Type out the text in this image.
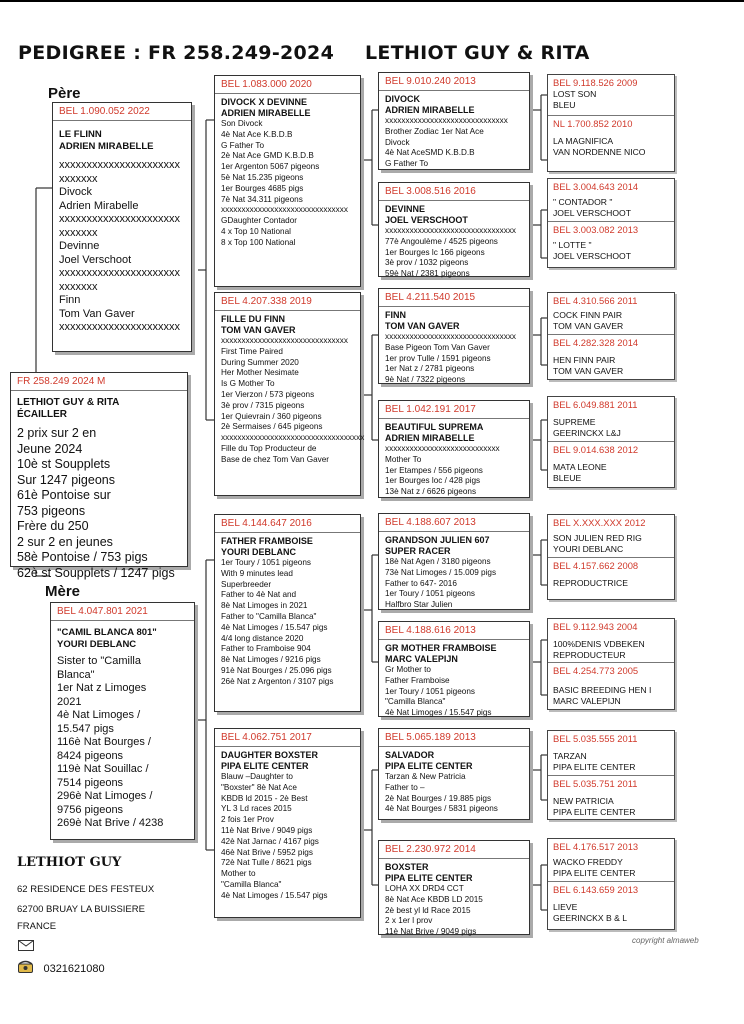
PEDIGREE : FR 258.249-2024 LETHIOT GUY & RITA
Père
Mère
FR 258.249 2024 M
LETHIOT GUY & RITA
ÉCAILLER
2 prix sur 2 en
Jeune 2024
10è st Soupplets
Sur 1247 pigeons
61è Pontoise sur
753 pigeons
Frère du 250
2 sur 2 en jeunes
58è Pontoise / 753 pigs
62è st Soupplets / 1247 pigs
BEL 1.090.052 2022
LE FLINN
ADRIEN MIRABELLE
xxxxxxxxxxxxxxxxxxxxxx
xxxxxxx
Divock
Adrien Mirabelle
xxxxxxxxxxxxxxxxxxxxxx
xxxxxxx
Devinne
Joel Verschoot
xxxxxxxxxxxxxxxxxxxxxx
xxxxxxx
Finn
Tom Van Gaver
xxxxxxxxxxxxxxxxxxxxxx
BEL 4.047.801 2021
"CAMIL BLANCA 801"
YOURI DEBLANC
Sister to "Camilla
Blanca"
1er Nat z Limoges
2021
4è Nat Limoges /
15.547 pigs
116è Nat Bourges /
8424 pigeons
119è Nat Souillac /
7514 pigeons
296è Nat Limoges /
9756 pigeons
269è Nat Brive / 4238
BEL 1.083.000 2020
DIVOCK X DEVINNE
ADRIEN MIRABELLE
Son Divock
4è Nat Ace K.B.D.B
G Father To
2è Nat Ace GMD K.B.D.B
1er Argenton 5067 pigeons
5è Nat 15.235 pigeons
1er Bourges 4685 pigs
7è Nat 34.311 pigeons
xxxxxxxxxxxxxxxxxxxxxxxxxxxxxxx
GDaughter Contador
4 x Top 10 National
8 x Top 100 National
BEL 4.207.338 2019
FILLE DU FINN
TOM VAN GAVER
xxxxxxxxxxxxxxxxxxxxxxxxxxxxxxx
First Time Paired
During Summer 2020
Her Mother Nesimate
Is G Mother To
1er Vierzon / 573 pigeons
3è prov / 7315 pigeons
1er Quievrain / 360 pigeons
2è Sermaises / 645 pigeons
xxxxxxxxxxxxxxxxxxxxxxxxxxxxxxxxxxx
Fille du Top Producteur de
Base de chez Tom Van Gaver
BEL 4.144.647 2016
FATHER FRAMBOISE
YOURI DEBLANC
1er Toury / 1051 pigeons
With 9 minutes lead
Superbreeder
Father to 4è Nat and
8è Nat Limoges in 2021
Father to "Camilla Blanca"
4è Nat Limoges / 15.547 pigs
4/4 long distance 2020
Father to Framboise 904
8è Nat Limoges / 9216 pigs
91è Nat Bourges / 25.096 pigs
26è Nat z Argenton / 3107 pigs
BEL 4.062.751 2017
DAUGHTER BOXSTER
PIPA ELITE CENTER
Blauw –Daughter to
"Boxster" 8è Nat Ace
KBDB ld 2015 - 2è Best
YL 3 Ld races 2015
2 fois 1er Prov
11è Nat Brive / 9049 pigs
42è Nat Jarnac / 4167 pigs
46è Nat Brive / 5952 pigs
72è Nat Tulle / 8621 pigs
Mother to
"Camilla Blanca"
4è Nat Limoges / 15.547 pigs
BEL 9.010.240 2013
DIVOCK
ADRIEN MIRABELLE
xxxxxxxxxxxxxxxxxxxxxxxxxxxxxx
Brother Zodiac 1er Nat Ace
Divock
4è Nat AceSMD K.B.D.B
G Father To
BEL 3.008.516 2016
DEVINNE
JOEL VERSCHOOT
xxxxxxxxxxxxxxxxxxxxxxxxxxxxxxxx
77è Angoulème / 4525 pigeons
1er Bourges lc 166 pigeons
3è prov / 1032 pigeons
59è Nat / 2381 pigeons
BEL 4.211.540 2015
FINN
TOM VAN GAVER
xxxxxxxxxxxxxxxxxxxxxxxxxxxxxxxx
Base Pigeon Tom Van Gaver
1er prov Tulle / 1591 pigeons
1er Nat z / 2781 pigeons
9è Nat / 7322 pigeons
BEL 1.042.191 2017
BEAUTIFUL SUPREMA
ADRIEN MIRABELLE
xxxxxxxxxxxxxxxxxxxxxxxxxxxx
Mother To
1er Etampes / 556 pigeons
1er Bourges loc / 428 pigs
13è Nat z / 6626 pigeons
BEL 4.188.607 2013
GRANDSON JULIEN 607
SUPER RACER
18è Nat Agen / 3180 pigeons
73è Nat Limoges / 15.009 pigs
Father to 647- 2016
1er Toury / 1051 pigeons
Halfbro Star Julien
BEL 4.188.616 2013
GR MOTHER FRAMBOISE
MARC VALEPIJN
Gr Mother to
Father Framboise
1er Toury / 1051 pigeons
"Camilla Blanca"
4è Nat Limoges / 15.547 pigs
BEL 5.065.189 2013
SALVADOR
PIPA ELITE CENTER
Tarzan & New Patricia
Father to –
2è Nat Bourges / 19.885 pigs
4è Nat Bourges / 5831 pigeons
BEL 2.230.972 2014
BOXSTER
PIPA ELITE CENTER
LOHA XX DRD4 CCT
8è Nat Ace KBDB LD 2015
2è best yl ld Race 2015
2 x 1er l prov
11è Nat Brive / 9049 pigs
BEL 9.118.526 2009
LOST SON
BLEU
NL 1.700.852 2010
LA MAGNIFICA
VAN NORDENNE NICO
BEL 3.004.643 2014
" CONTADOR "
JOEL VERSCHOOT
BEL 3.003.082 2013
" LOTTE "
JOEL VERSCHOOT
BEL 4.310.566 2011
COCK FINN PAIR
TOM VAN GAVER
BEL 4.282.328 2014
HEN FINN PAIR
TOM VAN GAVER
BEL 6.049.881 2011
SUPREME
GEERINCKX L&J
BEL 9.014.638 2012
MATA LEONE
BLEUE
BEL X.XXX.XXX 2012
SON JULIEN RED RIG
YOURI DEBLANC
BEL 4.157.662 2008
REPRODUCTRICE
BEL 9.112.943 2004
100%DENIS VDBEKEN
REPRODUCTEUR
BEL 4.254.773 2005
BASIC BREEDING HEN I
MARC VALEPIJN
BEL 5.035.555 2011
TARZAN
PIPA ELITE CENTER
BEL 5.035.751 2011
NEW PATRICIA
PIPA ELITE CENTER
BEL 4.176.517 2013
WACKO FREDDY
PIPA ELITE CENTER
BEL 6.143.659 2013
LIEVE
GEERINCKX B & L
LETHIOT GUY
62 RESIDENCE DES FESTEUX
62700 BRUAY LA BUISSIERE
FRANCE
0321621080
copyright almaweb
